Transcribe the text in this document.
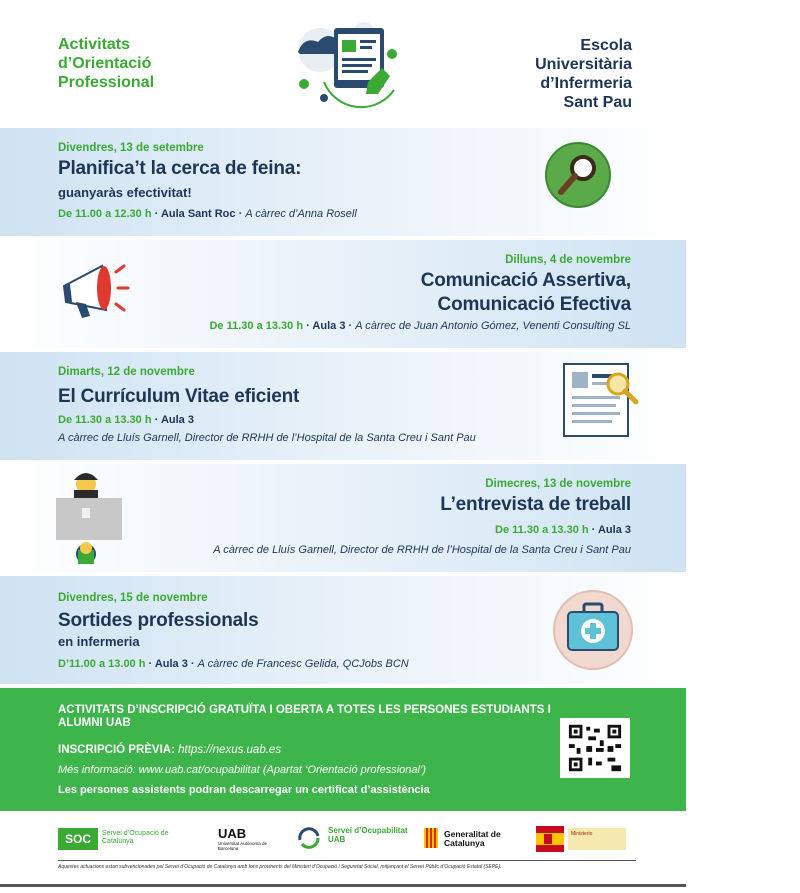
Activitats
d’Orientació
Professional
Escola
Universitària
d’Infermeria
Sant Pau
Divendres, 13 de setembre
Planifica’t la cerca de feina:
guanyaràs efectivitat!
De 11.00 a 12.30 h · Aula Sant Roc · A càrrec d’Anna Rosell
Dilluns, 4 de novembre
Comunicació Assertiva,
Comunicació Efectiva
De 11.30 a 13.30 h · Aula 3 · A càrrec de Juan Antonio Gómez, Venenti Consulting SL
Dimarts, 12 de novembre
El Currículum Vitae eficient
De 11.30 a 13.30 h · Aula 3
A càrrec de Lluís Garnell, Director de RRHH de l’Hospital de la Santa Creu i Sant Pau
Dimecres, 13 de novembre
L’entrevista de treball
De 11.30 a 13.30 h · Aula 3
A càrrec de Lluís Garnell, Director de RRHH de l’Hospital de la Santa Creu i Sant Pau
Divendres, 15 de novembre
Sortides professionals
en infermeria
D’11.00 a 13.00 h · Aula 3 · A càrrec de Francesc Gelida, QCJobs BCN
ACTIVITATS D’INSCRIPCIÓ GRATUÏTA I OBERTA A TOTES LES PERSONES ESTUDIANTS I ALUMNI UAB
INSCRIPCIÓ PRÈVIA: https://nexus.uab.es
Més informació: www.uab.cat/ocupabilitat (Apartat ‘Orientació professional’)
Les persones assistents podran descarregar un certificat d’assistència
SOC	Servei d’Ocupació de Catalunya
UAB
Universitat Autònoma de Barcelona
Servei d’Ocupabilitat UAB	Generalitat de Catalunya
Ministerio
Aquestes actuacions estan subvencionades pel Servei d’Ocupació de Catalunya amb fons provinents del Ministeri d’Ocupació i Seguretat Social, mitjançant el Servei Públic d’Ocupació Estatal (SEPE).
